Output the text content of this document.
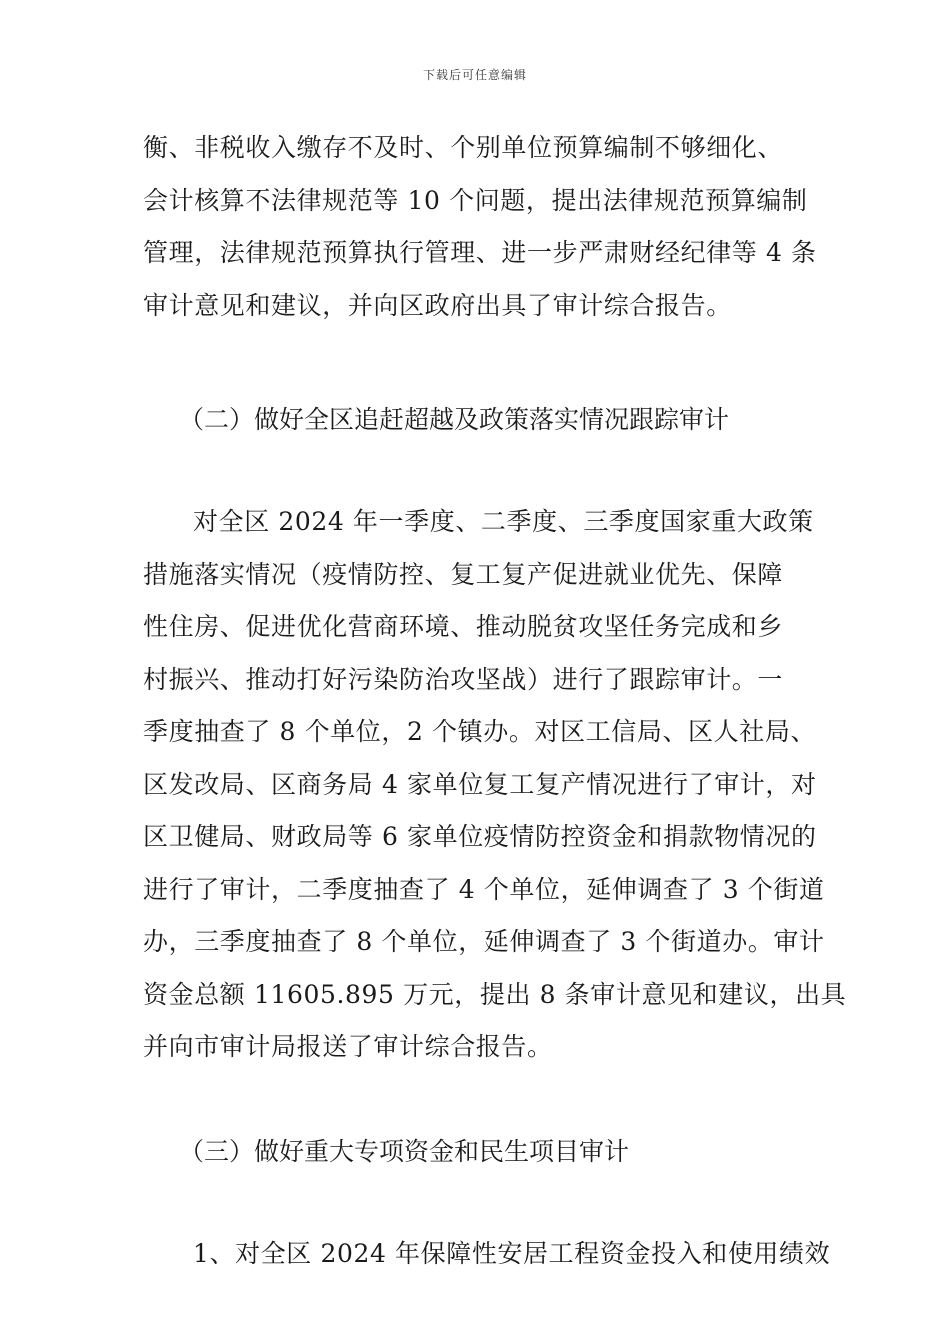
下载后可任意编辑
衡、非税收入缴存不及时、个别单位预算编制不够细化、
会计核算不法律规范等 10 个问题，提出法律规范预算编制
管理，法律规范预算执行管理、进一步严肃财经纪律等 4 条
审计意见和建议，并向区政府出具了审计综合报告。
（二）做好全区追赶超越及政策落实情况跟踪审计
对全区 2024 年一季度、二季度、三季度国家重大政策
措施落实情况（疫情防控、复工复产促进就业优先、保障
性住房、促进优化营商环境、推动脱贫攻坚任务完成和乡
村振兴、推动打好污染防治攻坚战）进行了跟踪审计。一
季度抽查了 8 个单位，2 个镇办。对区工信局、区人社局、
区发改局、区商务局 4 家单位复工复产情况进行了审计，对
区卫健局、财政局等 6 家单位疫情防控资金和捐款物情况的
进行了审计，二季度抽查了 4 个单位，延伸调查了 3 个街道
办，三季度抽查了 8 个单位，延伸调查了 3 个街道办。审计
资金总额 11605.895 万元，提出 8 条审计意见和建议，出具
并向市审计局报送了审计综合报告。
（三）做好重大专项资金和民生项目审计
1、对全区 2024 年保障性安居工程资金投入和使用绩效
